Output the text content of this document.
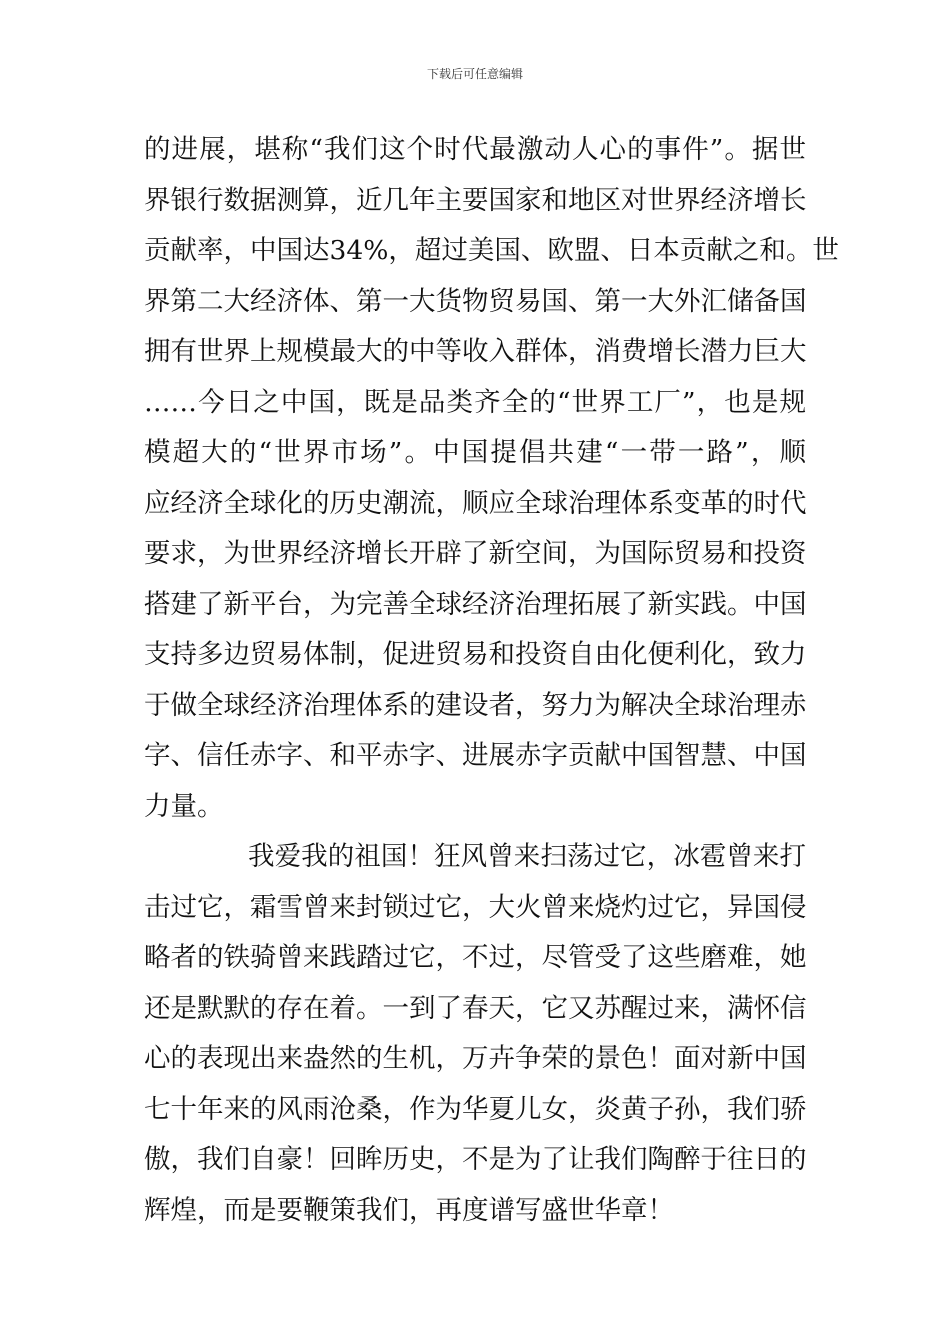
下载后可任意编辑
的进展，堪称“我们这个时代最激动人心的事件”。据世
界银行数据测算，近几年主要国家和地区对世界经济增长
贡献率，中国达34%，超过美国、欧盟、日本贡献之和。世
界第二大经济体、第一大货物贸易国、第一大外汇储备国
拥有世界上规模最大的中等收入群体，消费增长潜力巨大
……今日之中国，既是品类齐全的“世界工厂”，也是规
模超大的“世界市场”。中国提倡共建“一带一路”，顺
应经济全球化的历史潮流，顺应全球治理体系变革的时代
要求，为世界经济增长开辟了新空间，为国际贸易和投资
搭建了新平台，为完善全球经济治理拓展了新实践。中国
支持多边贸易体制，促进贸易和投资自由化便利化，致力
于做全球经济治理体系的建设者，努力为解决全球治理赤
字、信任赤字、和平赤字、进展赤字贡献中国智慧、中国
力量。
我爱我的祖国！狂风曾来扫荡过它，冰雹曾来打
击过它，霜雪曾来封锁过它，大火曾来烧灼过它，异国侵
略者的铁骑曾来践踏过它，不过，尽管受了这些磨难，她
还是默默的存在着。一到了春天，它又苏醒过来，满怀信
心的表现出来盎然的生机，万卉争荣的景色！面对新中国
七十年来的风雨沧桑，作为华夏儿女，炎黄子孙，我们骄
傲，我们自豪！回眸历史，不是为了让我们陶醉于往日的
辉煌，而是要鞭策我们，再度谱写盛世华章！
